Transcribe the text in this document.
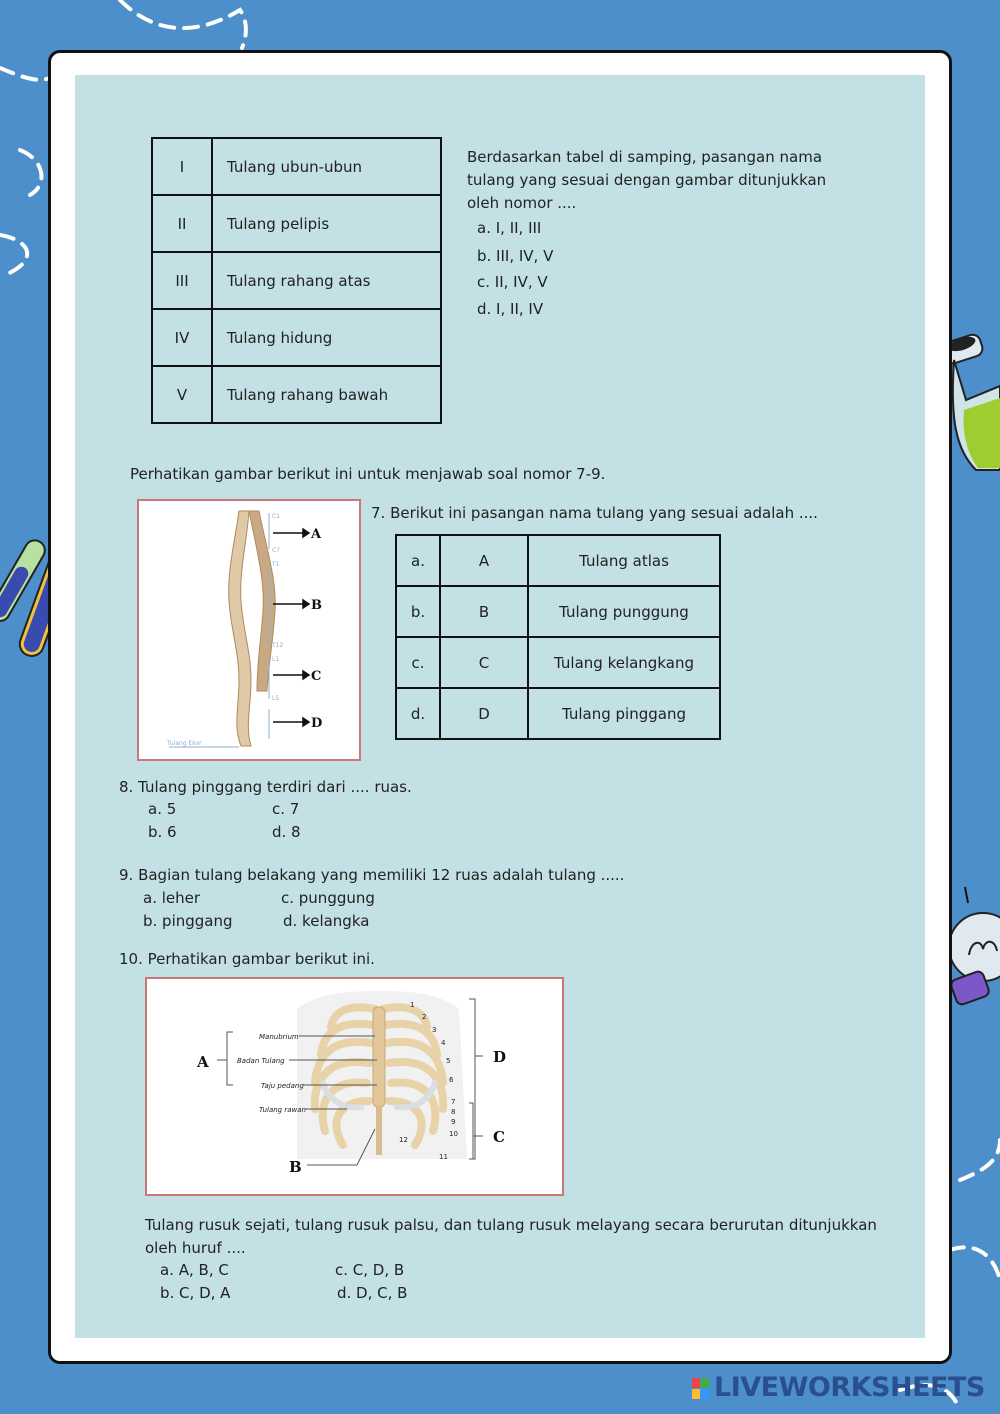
I	Tulang ubun-ubun
II	Tulang pelipis
III	Tulang rahang atas
IV	Tulang hidung
V	Tulang rahang bawah
Berdasarkan tabel di samping, pasangan nama
tulang yang sesuai dengan gambar ditunjukkan
oleh nomor ....
a. I, II, III
b. III, IV, V
c. II, IV, V
d. I, II, IV
Perhatikan gambar berikut ini untuk menjawab soal nomor 7-9.
C1
C7
T1
T12
L1
L5
Tulang Ekor
A
B
C
D
7. Berikut ini pasangan nama tulang yang sesuai adalah ....
a.	A	Tulang atlas
b.	B	Tulang punggung
c.	C	Tulang kelangkang
d.	D	Tulang pinggang
8. Tulang pinggang terdiri dari .... ruas.
a. 5	c. 7
b. 6	d. 8
9. Bagian tulang belakang yang memiliki 12 ruas adalah tulang .....
a. leher	c. punggung
b. pinggang	d. kelangka
10. Perhatikan gambar berikut ini.
Manubrium
Badan Tulang
Taju pedang
Tulang rawan
1
2
3
4
5
6
7
8
9
10
11
12
A
B
C
D
Tulang rusuk sejati, tulang rusuk palsu, dan tulang rusuk melayang secara berurutan ditunjukkan
oleh huruf ....
a. A, B, C	c. C, D, B
b. C, D, A	d. D, C, B
LIVEWORKSHEETS
